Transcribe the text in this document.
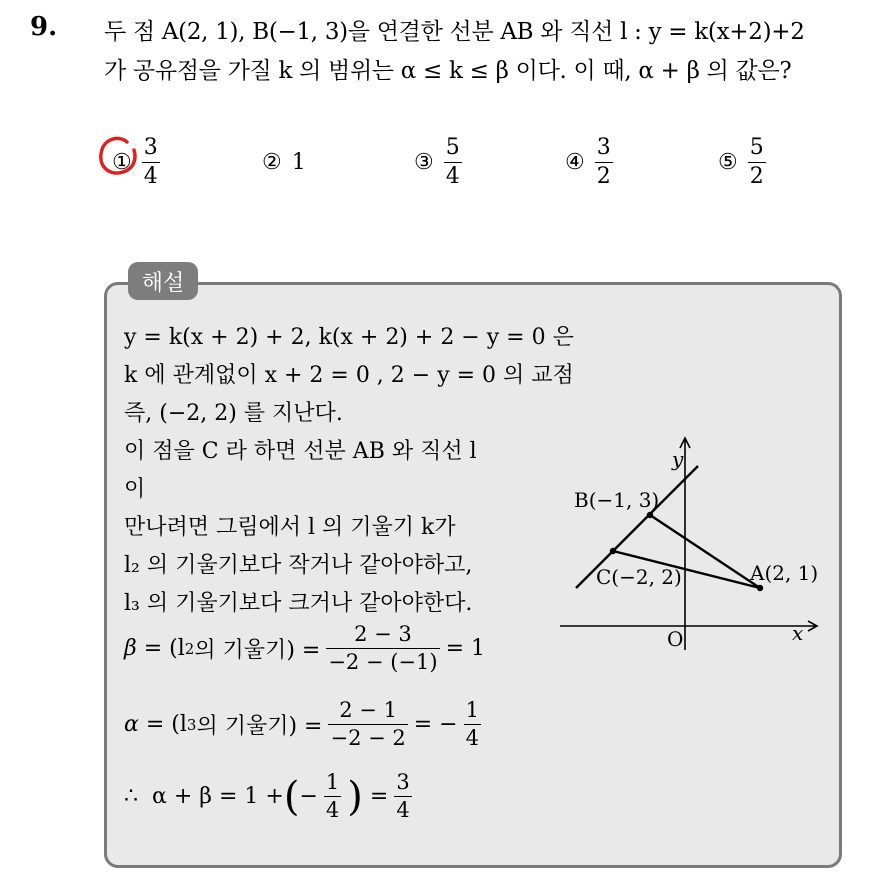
9. 두 점 A(2, 1), B(−1, 3)을 연결한 선분 AB 와 직선 l : y = k(x+2)+2
가 공유점을 가질 k 의 범위는 α ≤ k ≤ β 이다. 이 때, α + β 의 값은?
① $\frac{3}{4}$	② 1	③ $\frac{5}{4}$	④ $\frac{3}{2}$	⑤ $\frac{5}{2}$
해설
y = k(x + 2) + 2, k(x + 2) + 2 − y = 0 은
k 에 관계없이 x + 2 = 0 , 2 − y = 0 의 교점
즉, (−2, 2) 를 지난다.
이 점을 C 라 하면 선분 AB 와 직선 l
이
만나려면 그림에서 l 의 기울기 k가
l₂ 의 기울기보다 작거나 같아야하고,
l₃ 의 기울기보다 크거나 같아야한다.
β
= (l 2 의 기울기) = $\frac{2 - 3}{-2 - (-1)} = 1$
α
= (l 3 의 기울기) = $\frac{2 - 1}{-2 - 2}$ = − $\frac{1}{4}$
∴
α + β = 1 + ( − $\frac{1}{4}$ )
= $\frac{3}{4}$
y
x
O
B(−1, 3)
C(−2, 2)	A(2, 1)
